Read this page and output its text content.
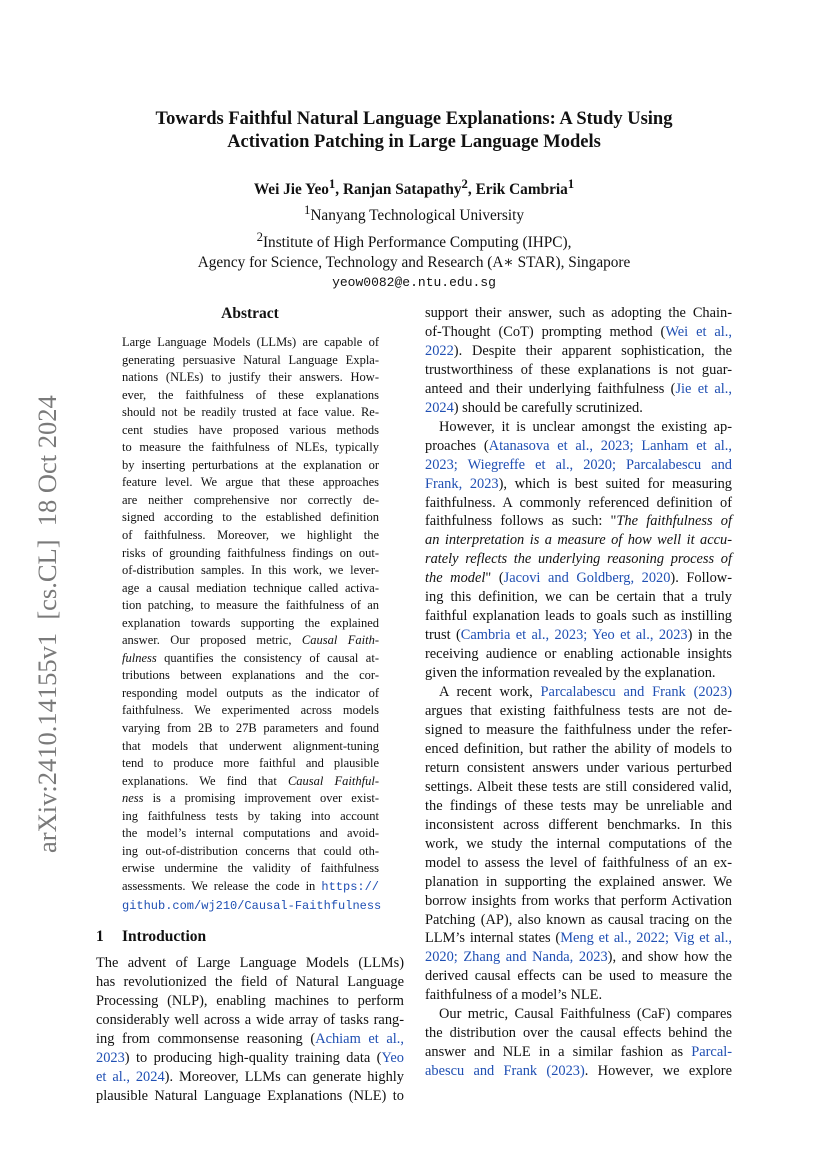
arXiv:2410.14155v1  [cs.CL]  18 Oct 2024
Towards Faithful Natural Language Explanations: A Study Using
Activation Patching in Large Language Models
Wei Jie Yeo$^1$, Ranjan Satapathy$^2$, Erik Cambria$^1$
$^1$Nanyang Technological University
$^2$Institute of High Performance Computing (IHPC),
Agency for Science, Technology and Research (A∗ STAR), Singapore
yeow0082@e.ntu.edu.sg
Abstract
Large Language Models (LLMs) are capable of
generating persuasive Natural Language Expla-
nations (NLEs) to justify their answers. How-
ever, the faithfulness of these explanations
should not be readily trusted at face value. Re-
cent studies have proposed various methods
to measure the faithfulness of NLEs, typically
by inserting perturbations at the explanation or
feature level. We argue that these approaches
are neither comprehensive nor correctly de-
signed according to the established definition
of faithfulness. Moreover, we highlight the
risks of grounding faithfulness findings on out-
of-distribution samples. In this work, we lever-
age a causal mediation technique called activa-
tion patching, to measure the faithfulness of an
explanation towards supporting the explained
answer. Our proposed metric, Causal Faith-
fulness quantifies the consistency of causal at-
tributions between explanations and the cor-
responding model outputs as the indicator of
faithfulness. We experimented across models
varying from 2B to 27B parameters and found
that models that underwent alignment-tuning
tend to produce more faithful and plausible
explanations. We find that Causal Faithful-
ness is a promising improvement over exist-
ing faithfulness tests by taking into account
the model’s internal computations and avoid-
ing out-of-distribution concerns that could oth-
erwise undermine the validity of faithfulness
assessments. We release the code in https://
github.com/wj210/Causal-Faithfulness
1 Introduction
The advent of Large Language Models (LLMs)
has revolutionized the field of Natural Language
Processing (NLP), enabling machines to perform
considerably well across a wide array of tasks rang-
ing from commonsense reasoning (Achiam et al.,
2023) to producing high-quality training data (Yeo
et al., 2024). Moreover, LLMs can generate highly
plausible Natural Language Explanations (NLE) to
support their answer, such as adopting the Chain-
of-Thought (CoT) prompting method (Wei et al.,
2022). Despite their apparent sophistication, the
trustworthiness of these explanations is not guar-
anteed and their underlying faithfulness (Jie et al.,
2024) should be carefully scrutinized.
However, it is unclear amongst the existing ap-
proaches (Atanasova et al., 2023; Lanham et al.,
2023; Wiegreffe et al., 2020; Parcalabescu and
Frank, 2023), which is best suited for measuring
faithfulness. A commonly referenced definition of
faithfulness follows as such: "The faithfulness of
an interpretation is a measure of how well it accu-
rately reflects the underlying reasoning process of
the model" (Jacovi and Goldberg, 2020). Follow-
ing this definition, we can be certain that a truly
faithful explanation leads to goals such as instilling
trust (Cambria et al., 2023; Yeo et al., 2023) in the
receiving audience or enabling actionable insights
given the information revealed by the explanation.
A recent work, Parcalabescu and Frank (2023)
argues that existing faithfulness tests are not de-
signed to measure the faithfulness under the refer-
enced definition, but rather the ability of models to
return consistent answers under various perturbed
settings. Albeit these tests are still considered valid,
the findings of these tests may be unreliable and
inconsistent across different benchmarks. In this
work, we study the internal computations of the
model to assess the level of faithfulness of an ex-
planation in supporting the explained answer. We
borrow insights from works that perform Activation
Patching (AP), also known as causal tracing on the
LLM’s internal states (Meng et al., 2022; Vig et al.,
2020; Zhang and Nanda, 2023), and show how the
derived causal effects can be used to measure the
faithfulness of a model’s NLE.
Our metric, Causal Faithfulness (CaF) compares
the distribution over the causal effects behind the
answer and NLE in a similar fashion as Parcal-
abescu and Frank (2023). However, we explore
